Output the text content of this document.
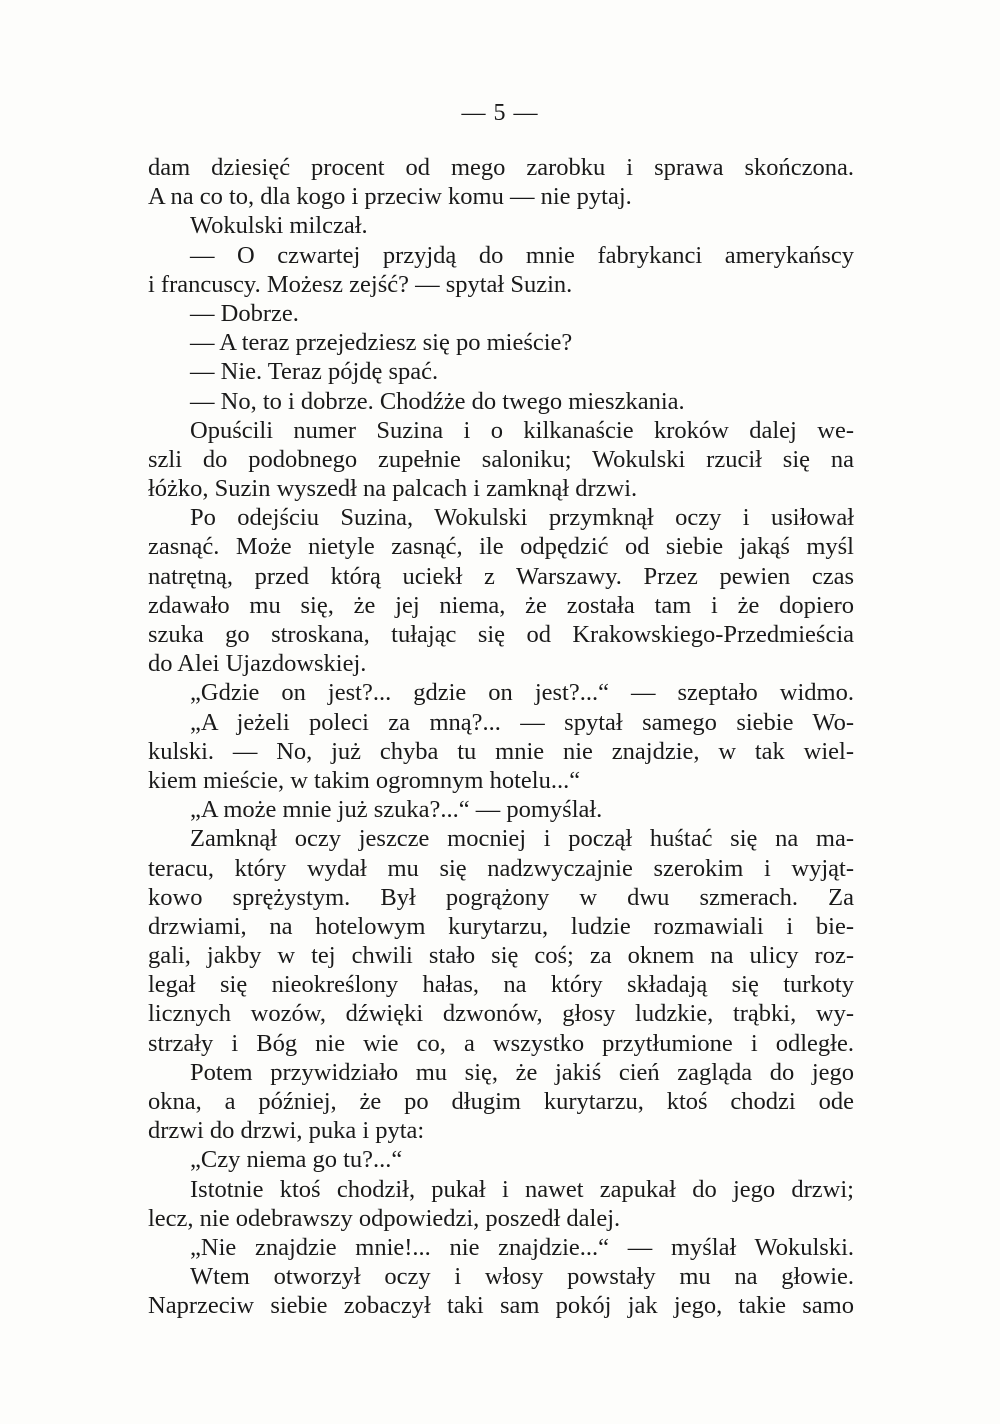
— 5 —
dam dziesięć procent od mego zarobku i sprawa skończona.
A na co to, dla kogo i przeciw komu — nie pytaj.
Wokulski milczał.
— O czwartej przyjdą do mnie fabrykanci amerykańscy
i francuscy. Możesz zejść? — spytał Suzin.
— Dobrze.
— A teraz przejedziesz się po mieście?
— Nie. Teraz pójdę spać.
— No, to i dobrze. Chodźże do twego mieszkania.
Opuścili numer Suzina i o kilkanaście kroków dalej we-
szli do podobnego zupełnie saloniku; Wokulski rzucił się na
łóżko, Suzin wyszedł na palcach i zamknął drzwi.
Po odejściu Suzina, Wokulski przymknął oczy i usiłował
zasnąć. Może nietyle zasnąć, ile odpędzić od siebie jakąś myśl
natrętną, przed którą uciekł z Warszawy. Przez pewien czas
zdawało mu się, że jej niema, że została tam i że dopiero
szuka go stroskana, tułając się od Krakowskiego-Przedmieścia
do Alei Ujazdowskiej.
„Gdzie on jest?... gdzie on jest?...“ — szeptało widmo.
„A jeżeli poleci za mną?... — spytał samego siebie Wo-
kulski. — No, już chyba tu mnie nie znajdzie, w tak wiel-
kiem mieście, w takim ogromnym hotelu...“
„A może mnie już szuka?...“ — pomyślał.
Zamknął oczy jeszcze mocniej i począł huśtać się na ma-
teracu, który wydał mu się nadzwyczajnie szerokim i wyjąt-
kowo sprężystym. Był pogrążony w dwu szmerach. Za
drzwiami, na hotelowym kurytarzu, ludzie rozmawiali i bie-
gali, jakby w tej chwili stało się coś; za oknem na ulicy roz-
legał się nieokreślony hałas, na który składają się turkoty
licznych wozów, dźwięki dzwonów, głosy ludzkie, trąbki, wy-
strzały i Bóg nie wie co, a wszystko przytłumione i odległe.
Potem przywidziało mu się, że jakiś cień zagląda do jego
okna, a później, że po długim kurytarzu, ktoś chodzi ode
drzwi do drzwi, puka i pyta:
„Czy niema go tu?...“
Istotnie ktoś chodził, pukał i nawet zapukał do jego drzwi;
lecz, nie odebrawszy odpowiedzi, poszedł dalej.
„Nie znajdzie mnie!... nie znajdzie...“ — myślał Wokulski.
Wtem otworzył oczy i włosy powstały mu na głowie.
Naprzeciw siebie zobaczył taki sam pokój jak jego, takie samo
